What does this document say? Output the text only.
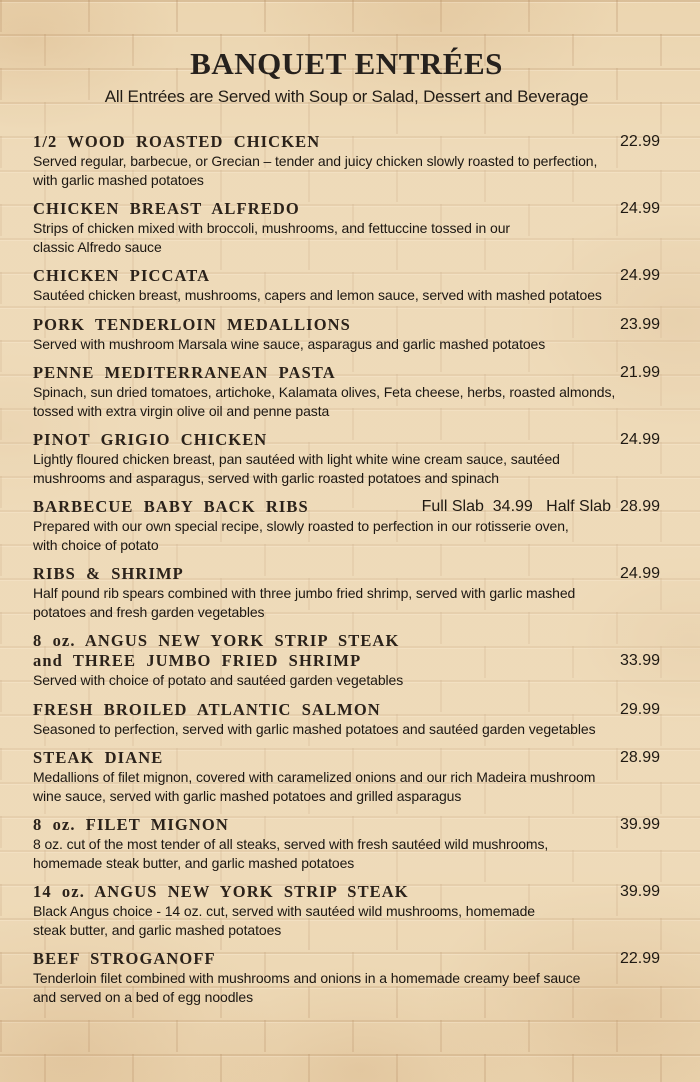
BANQUET ENTRÉES

All Entrées are Served with Soup or Salad, Dessert and Beverage

1/2 WOOD ROASTED CHICKEN	22.99
Served regular, barbecue, or Grecian – tender and juicy chicken slowly roasted to perfection,
with garlic mashed potatoes
CHICKEN BREAST ALFREDO	24.99
Strips of chicken mixed with broccoli, mushrooms, and fettuccine tossed in our
classic Alfredo sauce
CHICKEN PICCATA	24.99
Sautéed chicken breast, mushrooms, capers and lemon sauce, served with mashed potatoes
PORK TENDERLOIN MEDALLIONS	23.99
Served with mushroom Marsala wine sauce, asparagus and garlic mashed potatoes
PENNE MEDITERRANEAN PASTA	21.99
Spinach, sun dried tomatoes, artichoke, Kalamata olives, Feta cheese, herbs, roasted almonds,
tossed with extra virgin olive oil and penne pasta
PINOT GRIGIO CHICKEN	24.99
Lightly floured chicken breast, pan sautéed with light white wine cream sauce, sautéed
mushrooms and asparagus, served with garlic roasted potatoes and spinach
BARBECUE BABY BACK RIBS	Full Slab  34.99   Half Slab  28.99
Prepared with our own special recipe, slowly roasted to perfection in our rotisserie oven,
with choice of potato
RIBS & SHRIMP	24.99
Half pound rib spears combined with three jumbo fried shrimp, served with garlic mashed
potatoes and fresh garden vegetables
8 oz. ANGUS NEW YORK STRIP STEAK
and THREE JUMBO FRIED SHRIMP	33.99
Served with choice of potato and sautéed garden vegetables
FRESH BROILED ATLANTIC SALMON	29.99
Seasoned to perfection, served with garlic mashed potatoes and sautéed garden vegetables
STEAK DIANE	28.99
Medallions of filet mignon, covered with caramelized onions and our rich Madeira mushroom
wine sauce, served with garlic mashed potatoes and grilled asparagus
8 oz. FILET MIGNON	39.99
8 oz. cut of the most tender of all steaks, served with fresh sautéed wild mushrooms,
homemade steak butter, and garlic mashed potatoes
14 oz. ANGUS NEW YORK STRIP STEAK	39.99
Black Angus choice - 14 oz. cut, served with sautéed wild mushrooms, homemade
steak butter, and garlic mashed potatoes
BEEF STROGANOFF	22.99
Tenderloin filet combined with mushrooms and onions in a homemade creamy beef sauce
and served on a bed of egg noodles
